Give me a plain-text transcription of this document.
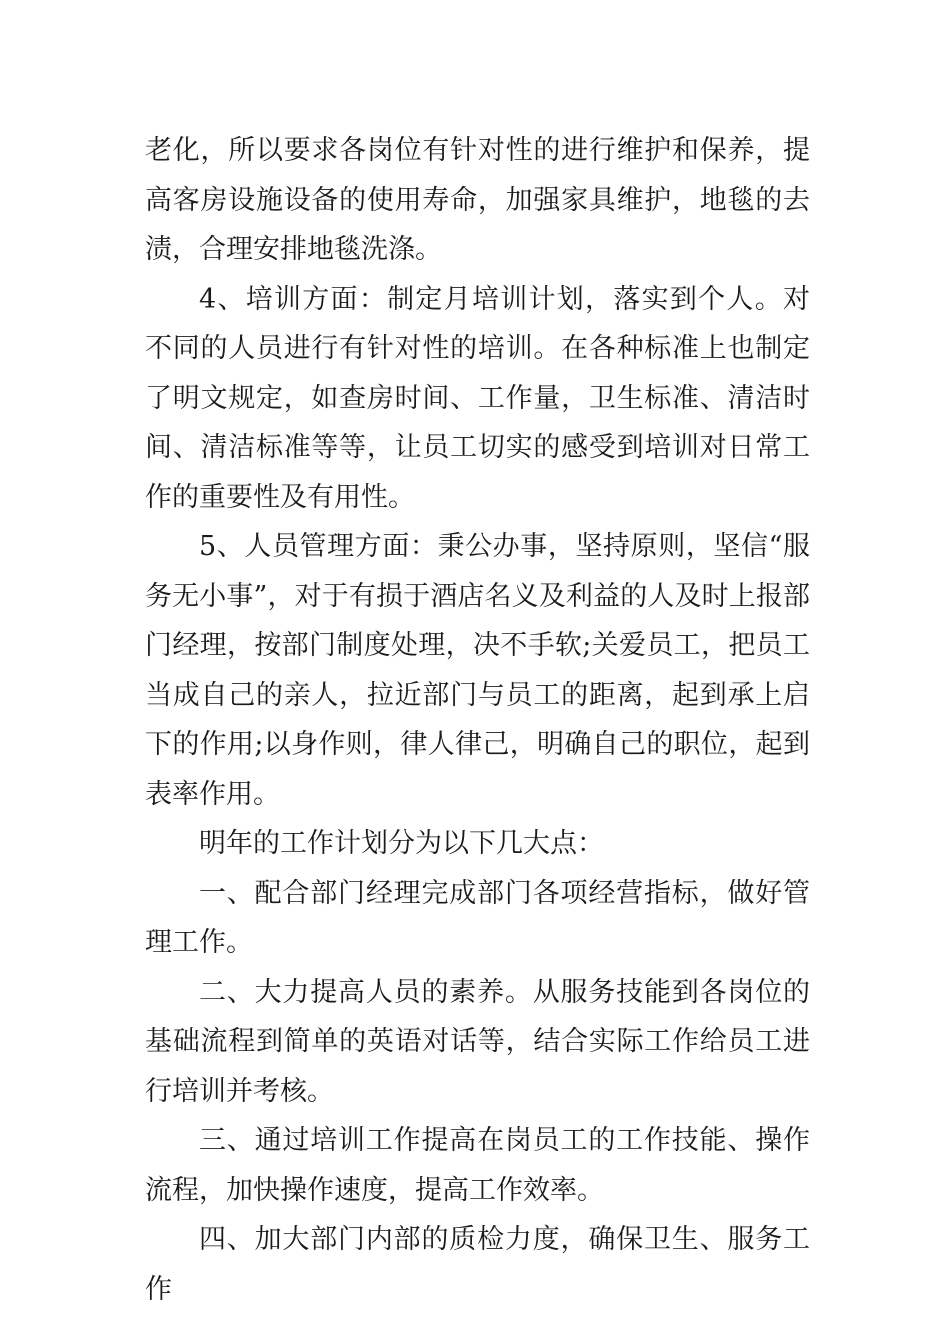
老化，所以要求各岗位有针对性的进行维护和保养，提高客房设施设备的使用寿命，加强家具维护，地毯的去渍，合理安排地毯洗涤。

4、培训方面：制定月培训计划，落实到个人。对不同的人员进行有针对性的培训。在各种标准上也制定了明文规定，如查房时间、工作量，卫生标准、清洁时间、清洁标准等等，让员工切实的感受到培训对日常工作的重要性及有用性。

5、人员管理方面：秉公办事，坚持原则，坚信“服务无小事”，对于有损于酒店名义及利益的人及时上报部门经理，按部门制度处理，决不手软;关爱员工，把员工当成自己的亲人，拉近部门与员工的距离，起到承上启下的作用;以身作则，律人律己，明确自己的职位，起到表率作用。

明年的工作计划分为以下几大点：

一、配合部门经理完成部门各项经营指标，做好管理工作。

二、大力提高人员的素养。从服务技能到各岗位的基础流程到简单的英语对话等，结合实际工作给员工进行培训并考核。

三、通过培训工作提高在岗员工的工作技能、操作流程，加快操作速度，提高工作效率。

四、加大部门内部的质检力度，确保卫生、服务工作
